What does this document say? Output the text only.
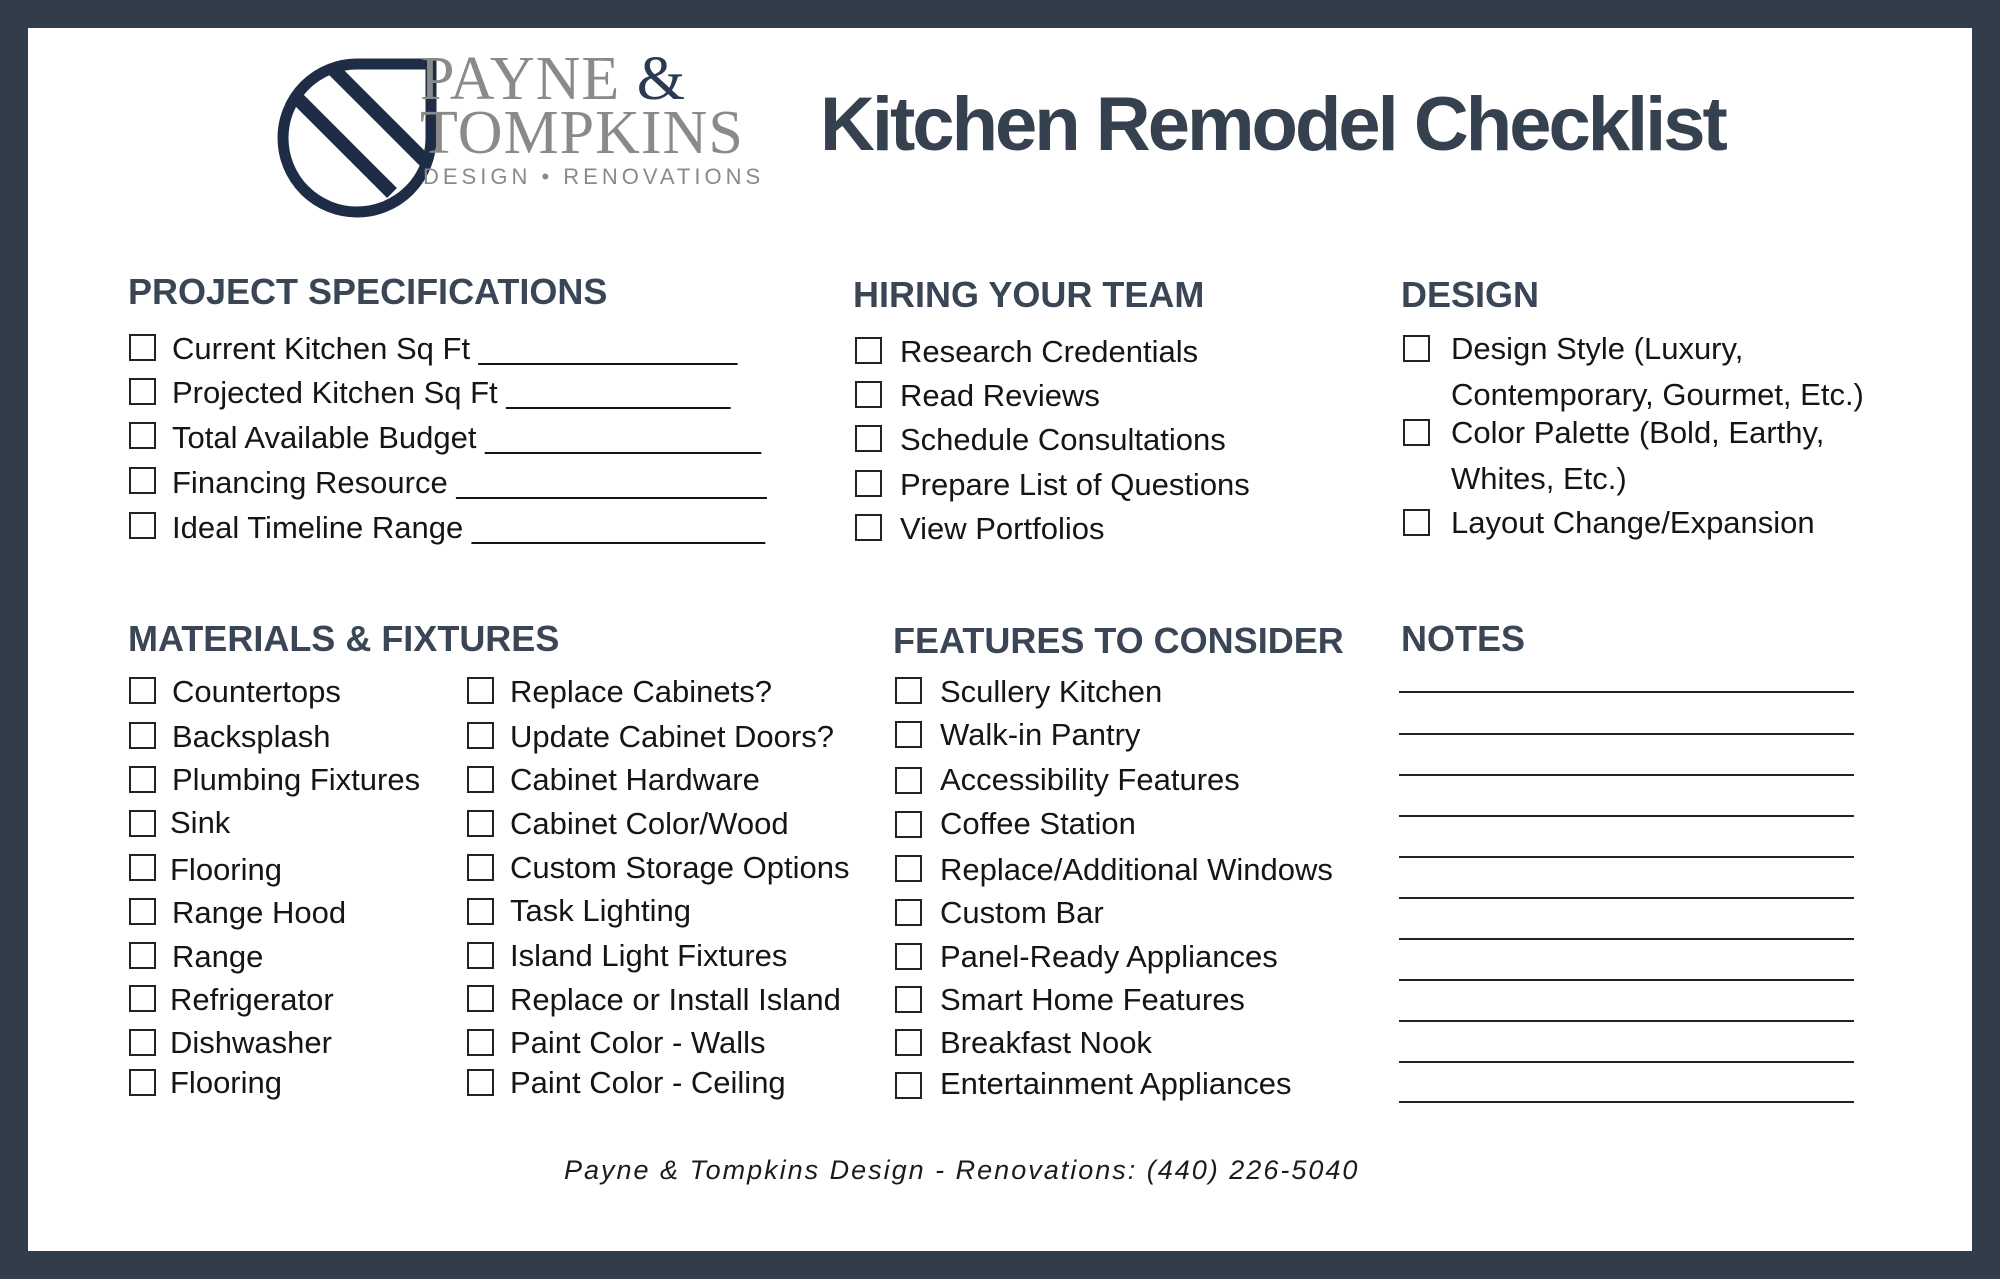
PAYNE &
TOMPKINS
DESIGN • RENOVATIONS
Kitchen Remodel Checklist
PROJECT SPECIFICATIONS	HIRING YOUR TEAM	DESIGN
MATERIALS & FIXTURES	FEATURES TO CONSIDER NOTES
Current Kitchen Sq Ft _______________
Projected Kitchen Sq Ft _____________
Total Available Budget ________________
Financing Resource __________________
Ideal Timeline Range _________________
Research Credentials
Read Reviews
Schedule Consultations
Prepare List of Questions
View Portfolios
Design Style (Luxury,
Contemporary, Gourmet, Etc.)
Color Palette (Bold, Earthy,
Whites, Etc.)
Layout Change/Expansion
Countertops
Backsplash
Plumbing Fixtures
Sink
Flooring
Range Hood
Range
Refrigerator
Dishwasher
Flooring
Replace Cabinets?
Update Cabinet Doors?
Cabinet Hardware
Cabinet Color/Wood
Custom Storage Options
Task Lighting
Island Light Fixtures
Replace or Install Island
Paint Color - Walls
Paint Color - Ceiling
Scullery Kitchen
Walk-in Pantry
Accessibility Features
Coffee Station
Replace/Additional Windows
Custom Bar
Panel-Ready Appliances
Smart Home Features
Breakfast Nook
Entertainment Appliances
Payne & Tompkins Design - Renovations: (440) 226-5040
